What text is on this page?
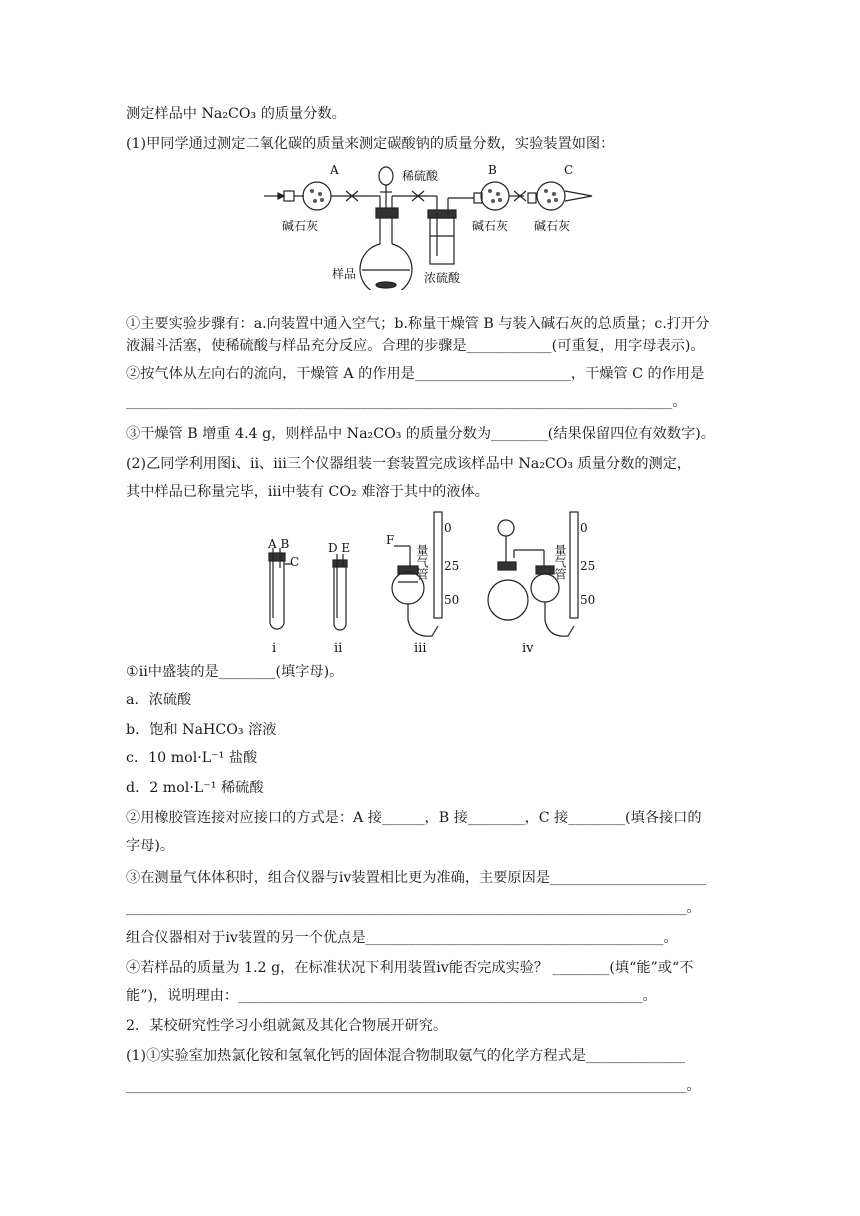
测定样品中 Na₂CO₃ 的质量分数。
(1)甲同学通过测定二氧化碳的质量来测定碳酸钠的质量分数，实验装置如图：
A	稀硫酸	B	C
碱石灰	碱石灰 碱石灰
样品	浓硫酸
①主要实验步骤有：a.向装置中通入空气；b.称量干燥管 B 与装入碱石灰的总质量；c.打开分
液漏斗活塞，使稀硫酸与样品充分反应。合理的步骤是____________(可重复，用字母表示)。
②按气体从左向右的流向，干燥管 A 的作用是______________________，干燥管 C 的作用是
_____________________________________________________________________________。
③干燥管 B 增重 4.4 g，则样品中 Na₂CO₃ 的质量分数为________(结果保留四位有效数字)。
(2)乙同学利用图ⅰ、ⅱ、ⅲ三个仪器组装一套装置完成该样品中 Na₂CO₃ 质量分数的测定，
其中样品已称量完毕，ⅲ中装有 CO₂ 难溶于其中的液体。
A B
C
D E
F
0
25
50
0
25
50
量气管	量气管
ⅰ	ⅱ	ⅲ	ⅳ
①ⅱ中盛装的是________(填字母)。
a．浓硫酸
b．饱和 NaHCO₃ 溶液
c．10 mol·L⁻¹ 盐酸
d．2 mol·L⁻¹ 稀硫酸
②用橡胶管连接对应接口的方式是：A 接______，B 接________，C 接________(填各接口的
字母)。
③在测量气体体积时，组合仪器与ⅳ装置相比更为准确，主要原因是______________________
_______________________________________________________________________________。
组合仪器相对于ⅳ装置的另一个优点是__________________________________________。
④若样品的质量为 1.2 g，在标准状况下利用装置ⅳ能否完成实验？ ________(填“能”或“不
能”)，说明理由：_________________________________________________________。
2．某校研究性学习小组就氮及其化合物展开研究。
(1)①实验室加热氯化铵和氢氧化钙的固体混合物制取氨气的化学方程式是______________
_______________________________________________________________________________。
